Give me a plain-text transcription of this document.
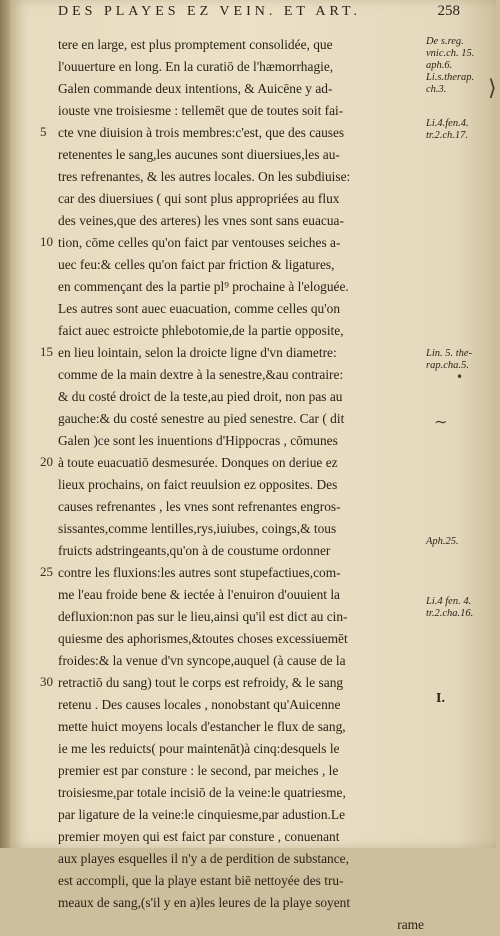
DES PLAYES EZ VEIN. ET ART.	258
tere en large, est plus promptement consolidée, que
l'ouuerture en long. En la curatiō de l'hæmorrhagie,
Galen commande deux intentions, & Auicēne y ad-
iouste vne troisiesme : tellemēt que de toutes soit fai-
cte vne diuision à trois membres:c'est, que des causes
retenentes le sang,les aucunes sont diuersiues,les au-
tres refrenantes, & les autres locales. On les subdiuise:
car des diuersiues ( qui sont plus appropriées au flux
des veines,que des arteres) les vnes sont sans euacua-
tion, cōme celles qu'on faict par ventouses seiches a-
uec feu:& celles qu'on faict par friction & ligatures,
en commençant des la partie pl⁹ prochaine à l'eloguée.
Les autres sont auec euacuation, comme celles qu'on
faict auec estroicte phlebotomie,de la partie opposite,
en lieu lointain, selon la droicte ligne d'vn diametre:
comme de la main dextre à la senestre,&au contraire:
& du costé droict de la teste,au pied droit, non pas au
gauche:& du costé senestre au pied senestre. Car ( dit
Galen )ce sont les inuentions d'Hippocras , cōmunes
à toute euacuatiō desmesurée. Donques on deriue ez
lieux prochains, on faict reuulsion ez opposites. Des
causes refrenantes , les vnes sont refrenantes engros-
sissantes,comme lentilles,rys,iuiubes, coings,& tous
fruicts adstringeants,qu'on à de coustume ordonner
contre les fluxions:les autres sont stupefactiues,com-
me l'eau froide bene & iectée à l'enuiron d'ouuient la
defluxion:non pas sur le lieu,ainsi qu'il est dict au cin-
quiesme des aphorismes,&toutes choses excessiuemēt
froides:& la venue d'vn syncope,auquel (à cause de la
retractiō du sang) tout le corps est refroidy, & le sang
retenu . Des causes locales , nonobstant qu'Auicenne
mette huict moyens locals d'estancher le flux de sang,
ie me les reduicts( pour maintenāt)à cinq:desquels le
premier est par consture : le second, par meiches , le
troisiesme,par totale incisiō de la veine:le quatriesme,
par ligature de la veine:le cinquiesme,par adustion.Le
premier moyen qui est faict par consture , conuenant
aux playes esquelles il n'y a de perdition de substance,
est accompli, que la playe estant biē nettoyée des tru-
meaux de sang,(s'il y en a)les leures de la playe soyent
rame
5
10
15
20
25
30
De s.reg.
vnic.ch. 15.
aph.6.
Li.s.therap.
ch.3.
Li.4.fen.4.
tr.2.ch.17.
Lin. 5. the-
rap.cha.5.
Aph.25.
Li.4 fen. 4.
tr.2.cha.16.
⟩
•
∼
I.
